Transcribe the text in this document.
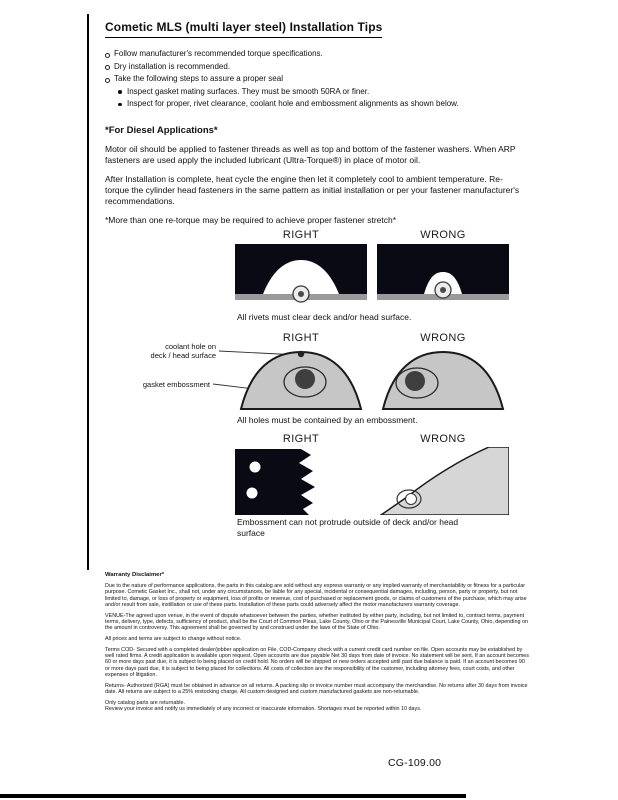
Cometic MLS (multi layer steel) Installation Tips
Follow manufacturer's recommended torque specifications.
Dry installation is recommended.
Take the following steps to assure a proper seal
Inspect gasket mating surfaces. They must be smooth 50RA or finer.
Inspect for proper, rivet clearance, coolant hole and embossment alignments as shown below.
*For Diesel Applications*

Motor oil should be applied to fastener threads as well as top and bottom of the fastener washers. When ARP fasteners are used apply the included lubricant (Ultra-Torque®) in place of motor oil.

After Installation is complete, heat cycle the engine then let it completely cool to ambient temperature. Re-torque the cylinder head fasteners in the same pattern as initial installation or per your fastener manufacturer's recommendations.

*More than one re-torque may be required to achieve proper fastener stretch*

RIGHT	WRONG
All rivets must clear deck and/or head surface.
RIGHT	WRONG
coolant hole on
deck / head surface
gasket embossment
All holes must be contained by an embossment.
RIGHT	WRONG
Embossment can not protrude outside of deck and/or head surface
Warranty Disclaimer*

Due to the nature of performance applications, the parts in this catalog are sold without any express warranty or any implied warranty of merchantability or fitness for a particular purpose. Cometic Gasket Inc., shall not, under any circumstances, be liable for any special, incidental or consequential damages, including, person, party or property, but not limited to, damage, or loss of property or equipment, loss of profits or revenue, cost of purchased or replacement goods, or claims of customers of the purchase, which may arise and/or result from sale, instillation or use of these parts. Installation of these parts could adversely affect the motor manufacturers warranty coverage.

VENUE-The agreed upon venue, in the event of dispute whatsoever between the parties, whether instituted by either party, including, but not limited to, contract terms, payment terms, delivery, type, defects, sufficiency of product, shall be the Court of Common Pleas, Lake County, Ohio or the Painesville Municipal Court, Lake County, Ohio, depending on the amount in controversy. This agreement shall be governed by and construed under the laws of the State of Ohio.

All prices and terms are subject to change without notice.

Terms COD- Secured with a completed dealer/jobber application on File, COD-Company check with a current credit card number on file. Open accounts may be established by well rated firms. A credit application is available upon request. Open accounts are due payable Net 30 days from date of invoice. No statement will be sent. If an account becomes 60 or more days past due, it is subject to being placed on credit hold. No orders will be shipped or new orders accepted until past due balance is paid. If an account becomes 90 or more days past due, it is subject to being placed for collections. All costs of collection are the responsibility of the customer, including attorney fees, court costs, and other expenses of litigation.

Returns- Authorized (RGA) must be obtained in advance on all returns. A packing slip or invoice number must accompany the merchandise. No returns after 30 days from invoice date. All returns are subject to a 25% restocking charge. All custom designed and custom manufactured gaskets are non-returnable.

Only catalog parts are returnable.

Review your invoice and notify us immediately of any incorrect or inaccurate information. Shortages must be reported within 10 days.

CG-109.00
